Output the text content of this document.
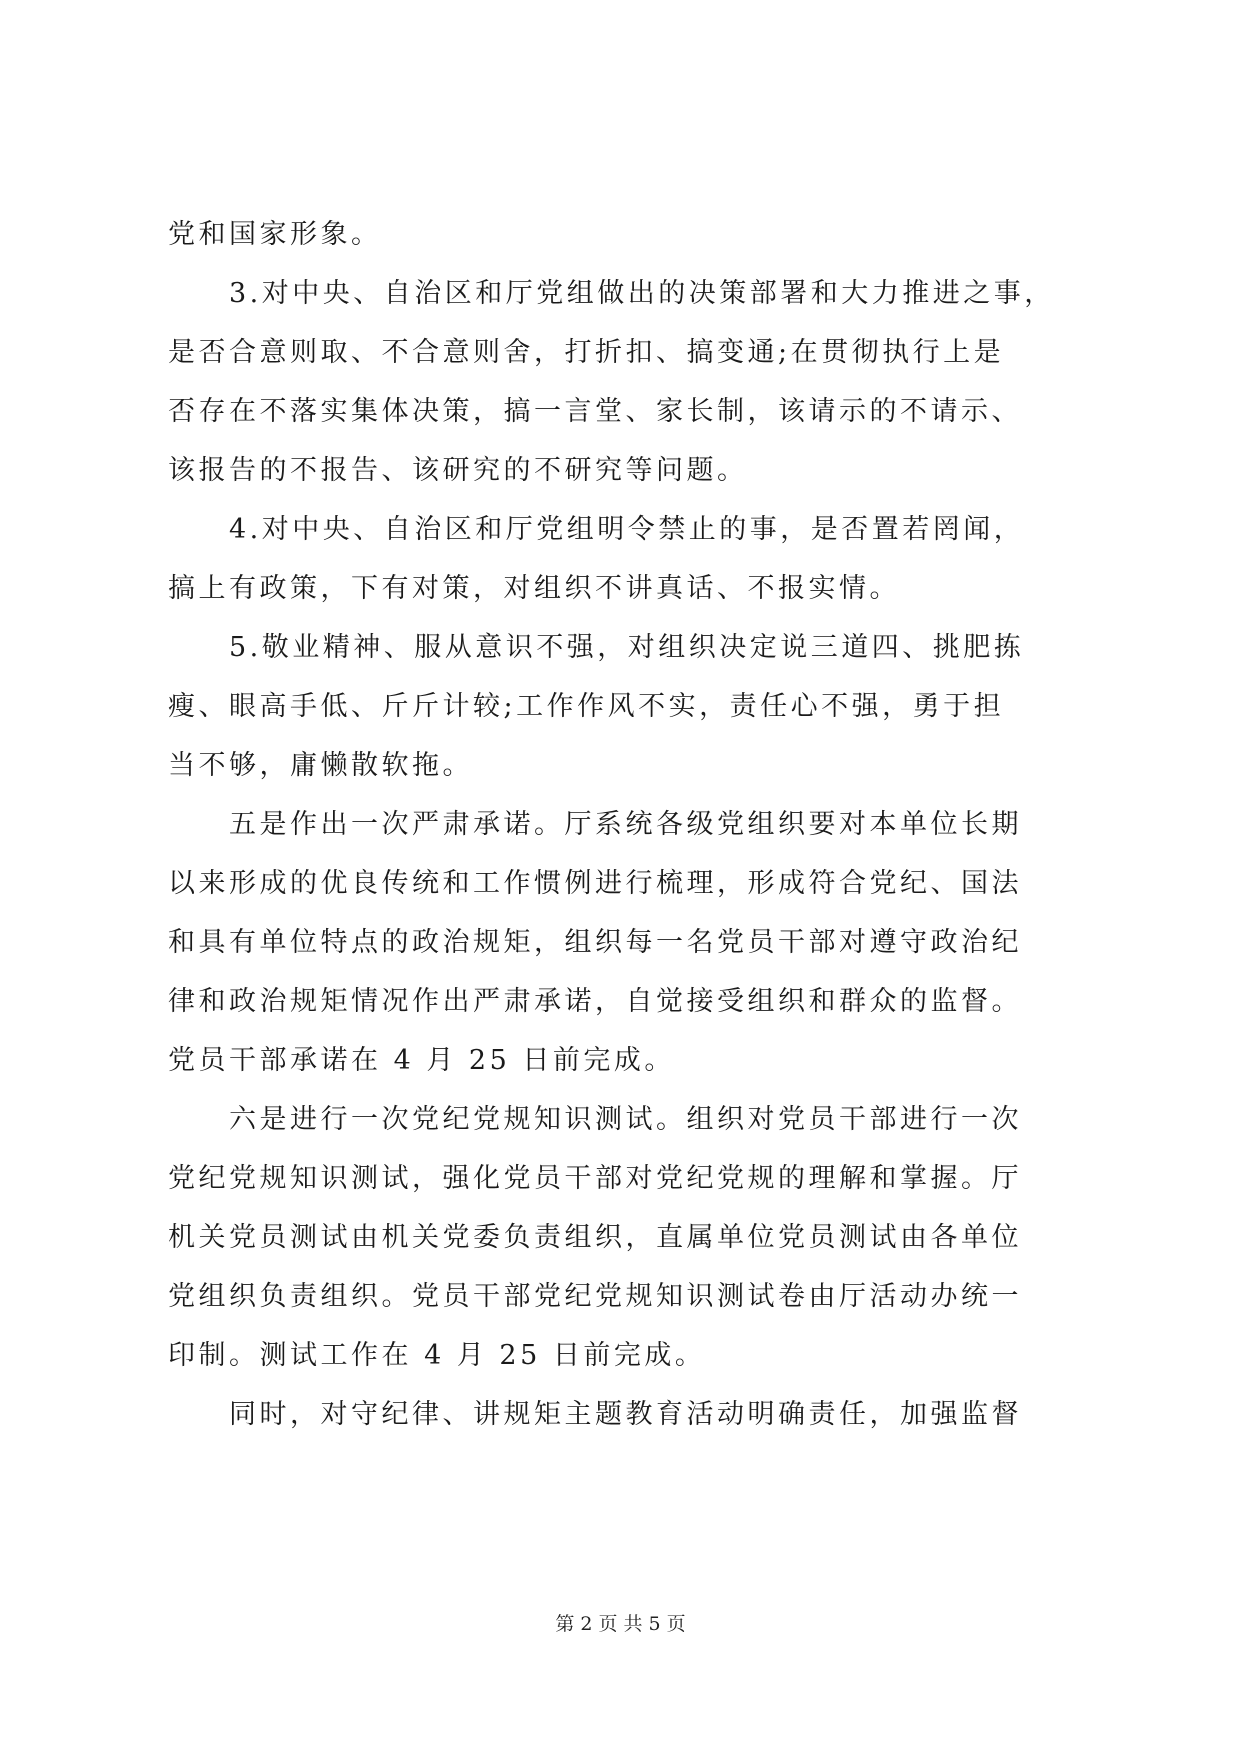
党和国家形象。
　　3.对中央、自治区和厅党组做出的决策部署和大力推进之事，
是否合意则取、不合意则舍，打折扣、搞变通;在贯彻执行上是
否存在不落实集体决策，搞一言堂、家长制，该请示的不请示、
该报告的不报告、该研究的不研究等问题。
　　4.对中央、自治区和厅党组明令禁止的事，是否置若罔闻，
搞上有政策，下有对策，对组织不讲真话、不报实情。
　　5.敬业精神、服从意识不强，对组织决定说三道四、挑肥拣
瘦、眼高手低、斤斤计较;工作作风不实，责任心不强，勇于担
当不够，庸懒散软拖。
　　五是作出一次严肃承诺。厅系统各级党组织要对本单位长期
以来形成的优良传统和工作惯例进行梳理，形成符合党纪、国法
和具有单位特点的政治规矩，组织每一名党员干部对遵守政治纪
律和政治规矩情况作出严肃承诺，自觉接受组织和群众的监督。
党员干部承诺在 4 月 25 日前完成。
　　六是进行一次党纪党规知识测试。组织对党员干部进行一次
党纪党规知识测试，强化党员干部对党纪党规的理解和掌握。厅
机关党员测试由机关党委负责组织，直属单位党员测试由各单位
党组织负责组织。党员干部党纪党规知识测试卷由厅活动办统一
印制。测试工作在 4 月 25 日前完成。
　　同时，对守纪律、讲规矩主题教育活动明确责任，加强监督
第 2 页 共 5 页
